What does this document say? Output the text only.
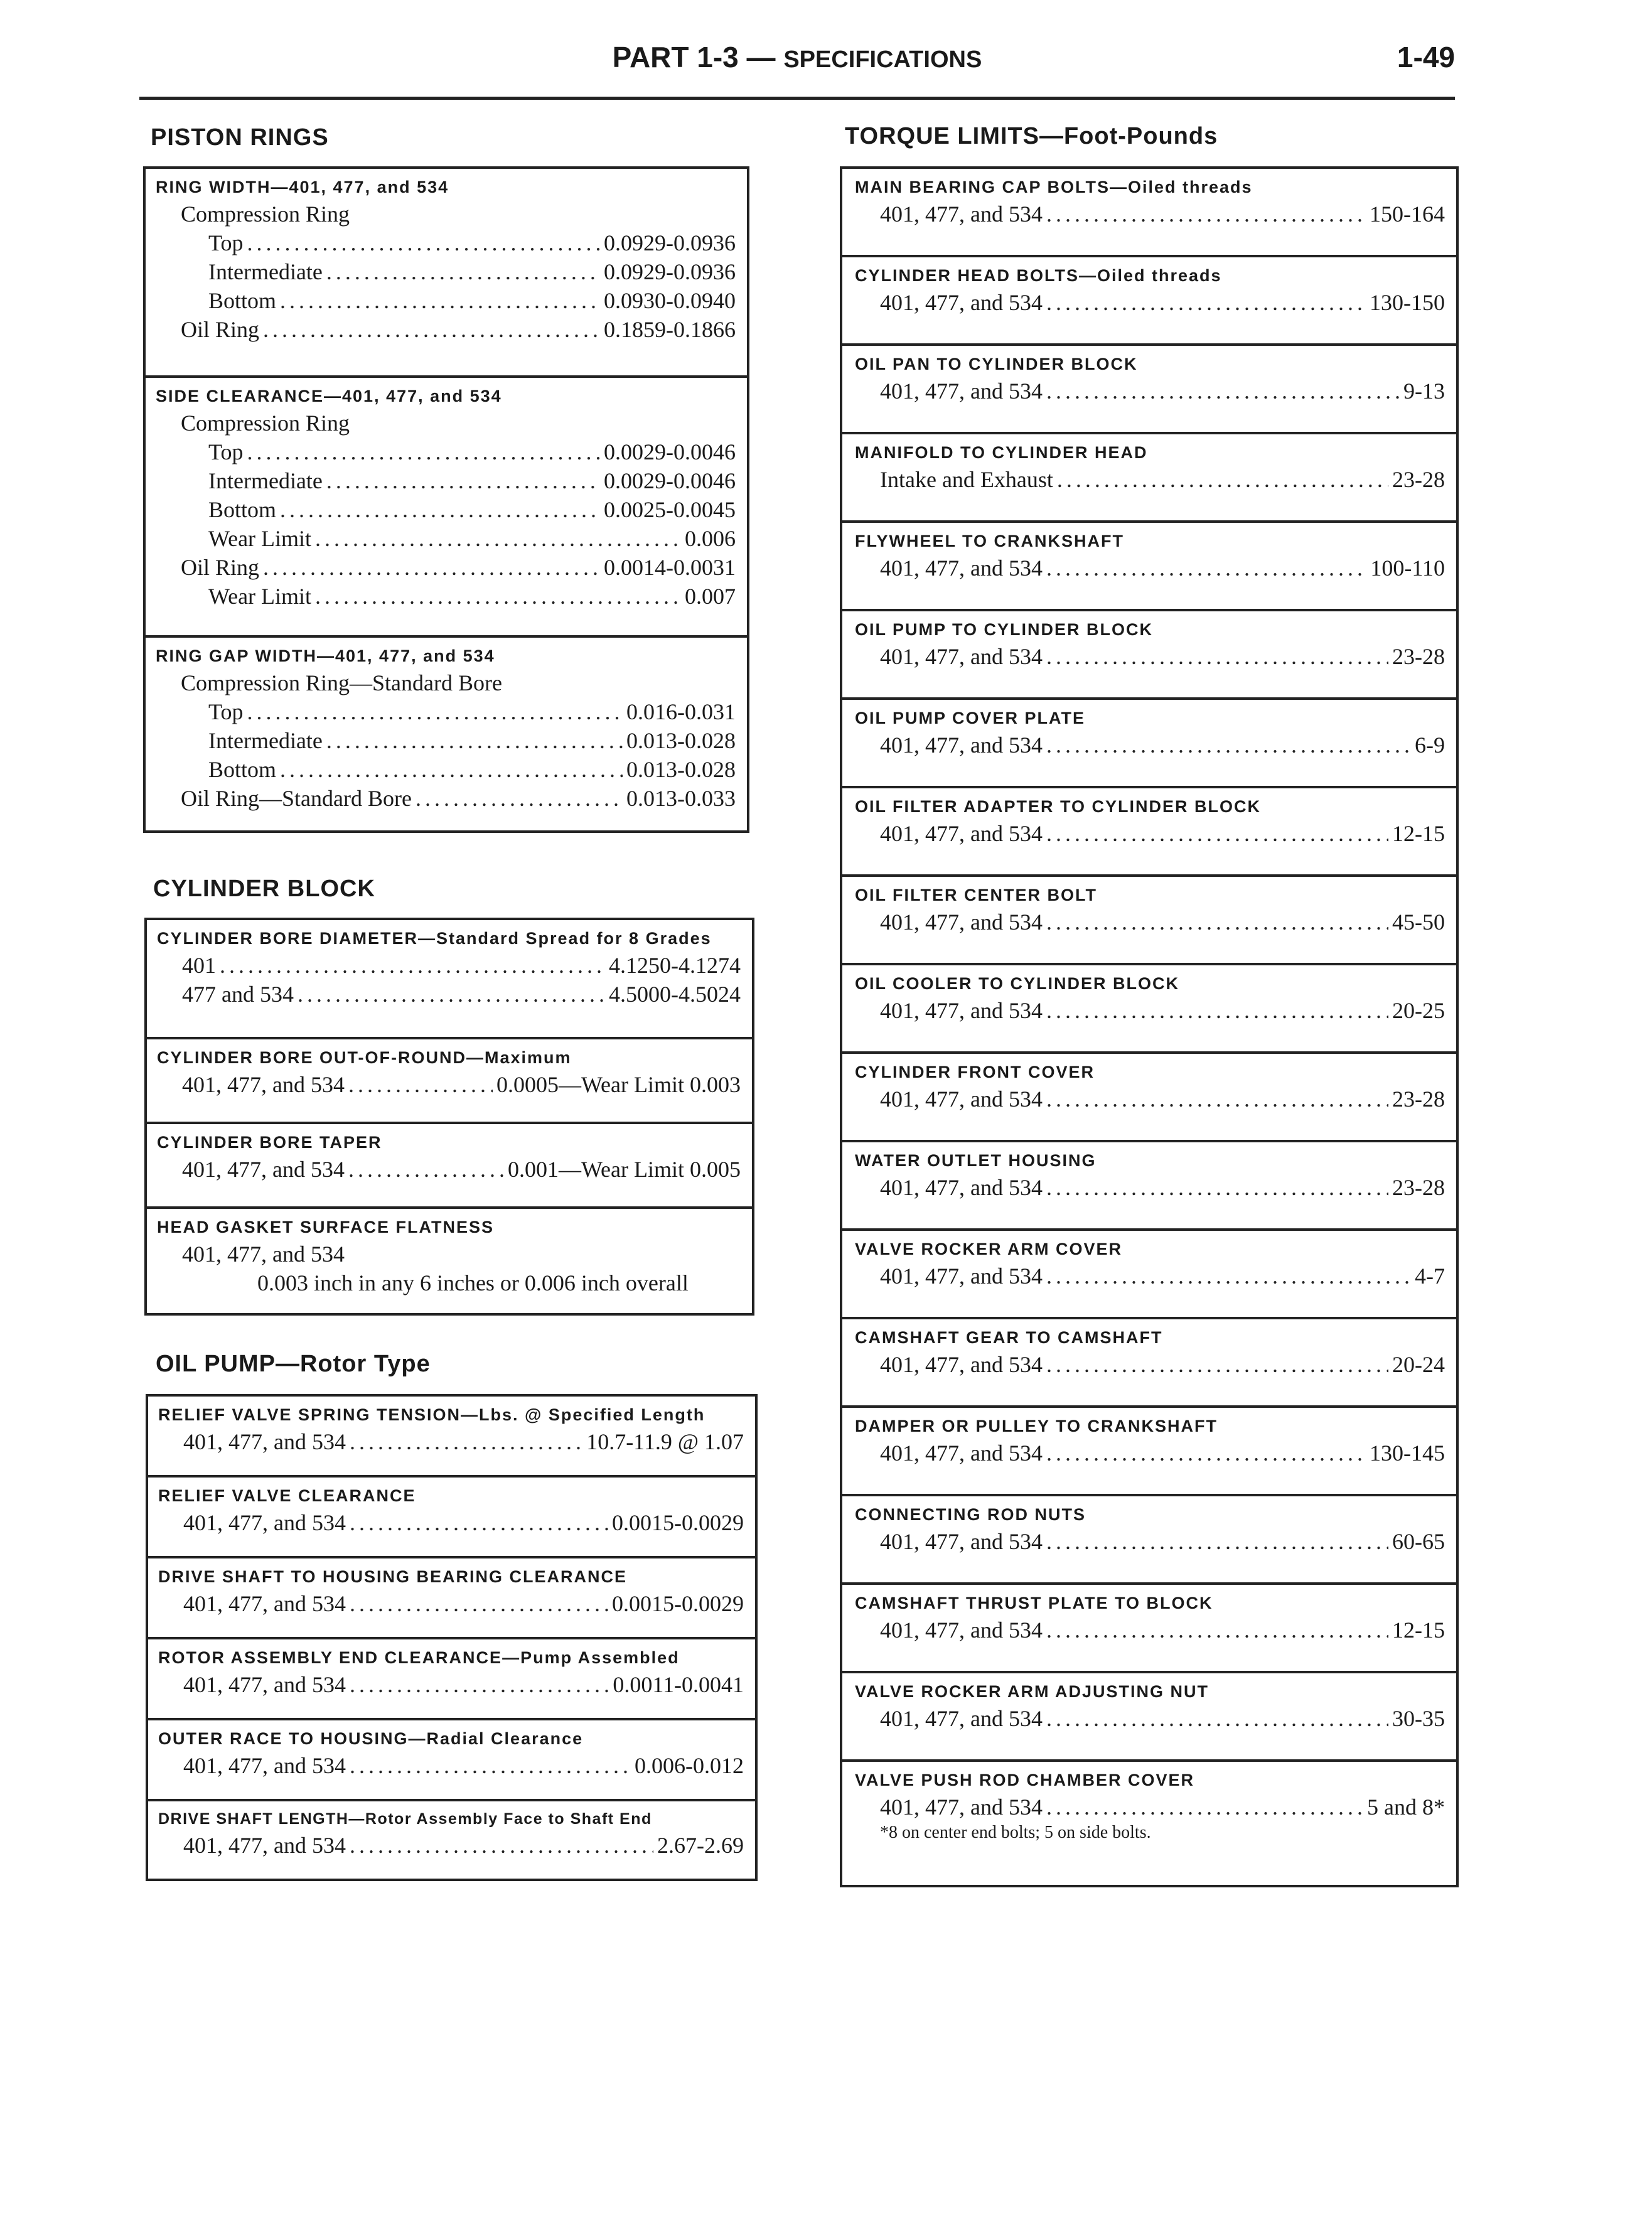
PART 1-3 — SPECIFICATIONS	1-49
PISTON RINGS
RING WIDTH—401, 477, and 534
Compression Ring
Top .....	0.0929-0.0936
Intermediate .....	0.0929-0.0936
Bottom .....	0.0930-0.0940
Oil Ring .....	0.1859-0.1866
SIDE CLEARANCE—401, 477, and 534
Compression Ring
Top .....	0.0029-0.0046
Intermediate .....	0.0029-0.0046
Bottom .....	0.0025-0.0045
Wear Limit .....	0.006
Oil Ring .....	0.0014-0.0031
Wear Limit .....	0.007
RING GAP WIDTH—401, 477, and 534
Compression Ring—Standard Bore
Top .....	0.016-0.031
Intermediate .....	0.013-0.028
Bottom .....	0.013-0.028
Oil Ring—Standard Bore .....	0.013-0.033
CYLINDER BLOCK
CYLINDER BORE DIAMETER—Standard Spread for 8 Grades
401 .....	4.1250-4.1274
477 and 534 .....	4.5000-4.5024
CYLINDER BORE OUT-OF-ROUND—Maximum
401, 477, and 534 .....	0.0005—Wear Limit 0.003
CYLINDER BORE TAPER
401, 477, and 534 .....	0.001—Wear Limit 0.005
HEAD GASKET SURFACE FLATNESS
401, 477, and 534
0.003 inch in any 6 inches or 0.006 inch overall
OIL PUMP—Rotor Type
RELIEF VALVE SPRING TENSION—Lbs. @ Specified Length
401, 477, and 534 .....	10.7-11.9 @ 1.07
RELIEF VALVE CLEARANCE
401, 477, and 534 .....	0.0015-0.0029
DRIVE SHAFT TO HOUSING BEARING CLEARANCE
401, 477, and 534 .....	0.0015-0.0029
ROTOR ASSEMBLY END CLEARANCE—Pump Assembled
401, 477, and 534 .....	0.0011-0.0041
OUTER RACE TO HOUSING—Radial Clearance
401, 477, and 534 .....	0.006-0.012
DRIVE SHAFT LENGTH—Rotor Assembly Face to Shaft End
401, 477, and 534 .....	2.67-2.69
TORQUE LIMITS—Foot-Pounds
MAIN BEARING CAP BOLTS—Oiled threads
401, 477, and 534 .....	150-164
CYLINDER HEAD BOLTS—Oiled threads
401, 477, and 534 .....	130-150
OIL PAN TO CYLINDER BLOCK
401, 477, and 534 .....	9-13
MANIFOLD TO CYLINDER HEAD
Intake and Exhaust .....	23-28
FLYWHEEL TO CRANKSHAFT
401, 477, and 534 .....	100-110
OIL PUMP TO CYLINDER BLOCK
401, 477, and 534 .....	23-28
OIL PUMP COVER PLATE
401, 477, and 534 .....	6-9
OIL FILTER ADAPTER TO CYLINDER BLOCK
401, 477, and 534 .....	12-15
OIL FILTER CENTER BOLT
401, 477, and 534 .....	45-50
OIL COOLER TO CYLINDER BLOCK
401, 477, and 534 .....	20-25
CYLINDER FRONT COVER
401, 477, and 534 .....	23-28
WATER OUTLET HOUSING
401, 477, and 534 .....	23-28
VALVE ROCKER ARM COVER
401, 477, and 534 .....	4-7
CAMSHAFT GEAR TO CAMSHAFT
401, 477, and 534 .....	20-24
DAMPER OR PULLEY TO CRANKSHAFT
401, 477, and 534 .....	130-145
CONNECTING ROD NUTS
401, 477, and 534 .....	60-65
CAMSHAFT THRUST PLATE TO BLOCK
401, 477, and 534 .....	12-15
VALVE ROCKER ARM ADJUSTING NUT
401, 477, and 534 .....	30-35
VALVE PUSH ROD CHAMBER COVER
401, 477, and 534 .....	5 and 8*
*8 on center end bolts; 5 on side bolts.
